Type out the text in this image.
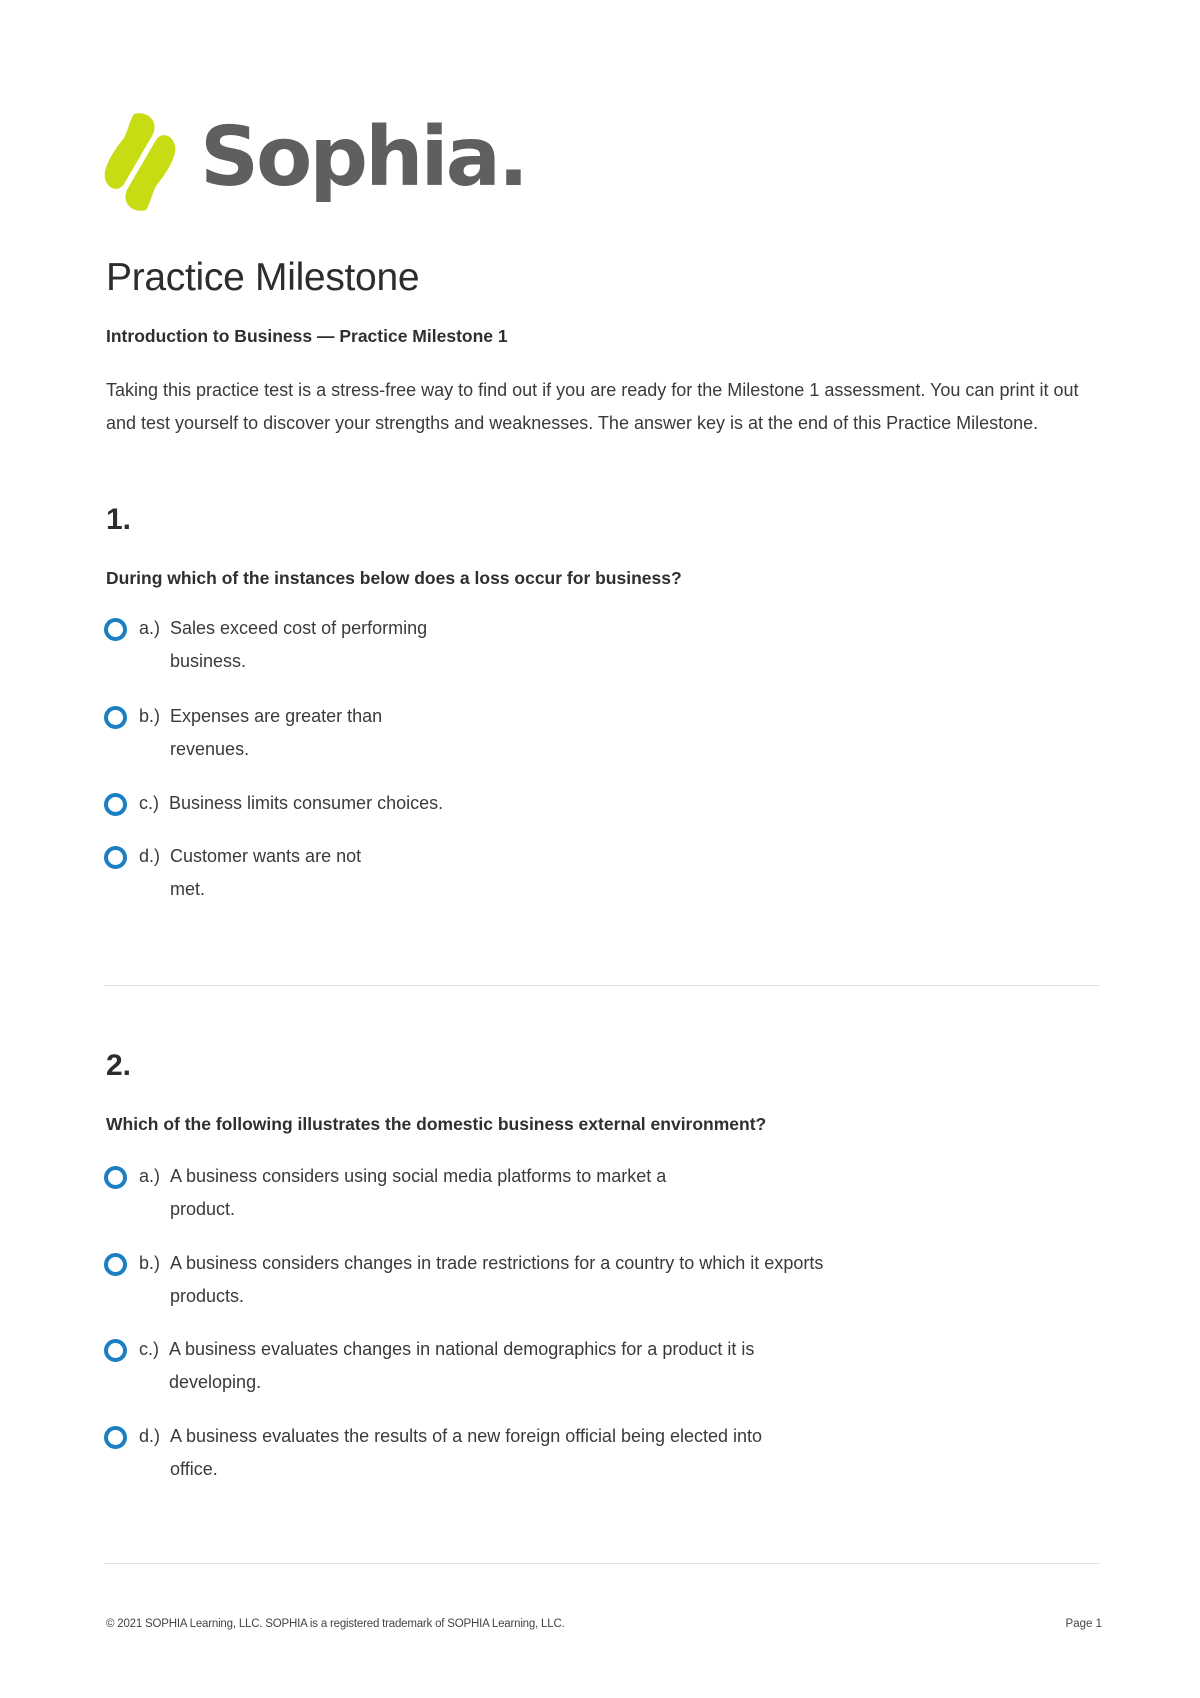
Sophia.
Practice Milestone
Introduction to Business — Practice Milestone 1
Taking this practice test is a stress-free way to find out if you are ready for the Milestone 1 assessment. You can print it out and test yourself to discover your strengths and weaknesses. The answer key is at the end of this Practice Milestone.
1.
During which of the instances below does a loss occur for business?
a.) Sales exceed cost of performing
business.
b.) Expenses are greater than
revenues.
c.) Business limits consumer choices.
d.) Customer wants are not
met.
2.
Which of the following illustrates the domestic business external environment?
a.) A business considers using social media platforms to market a
product.
b.) A business considers changes in trade restrictions for a country to which it exports
products.
c.) A business evaluates changes in national demographics for a product it is
developing.
d.) A business evaluates the results of a new foreign official being elected into
office.
© 2021 SOPHIA Learning, LLC. SOPHIA is a registered trademark of SOPHIA Learning, LLC.	Page 1
